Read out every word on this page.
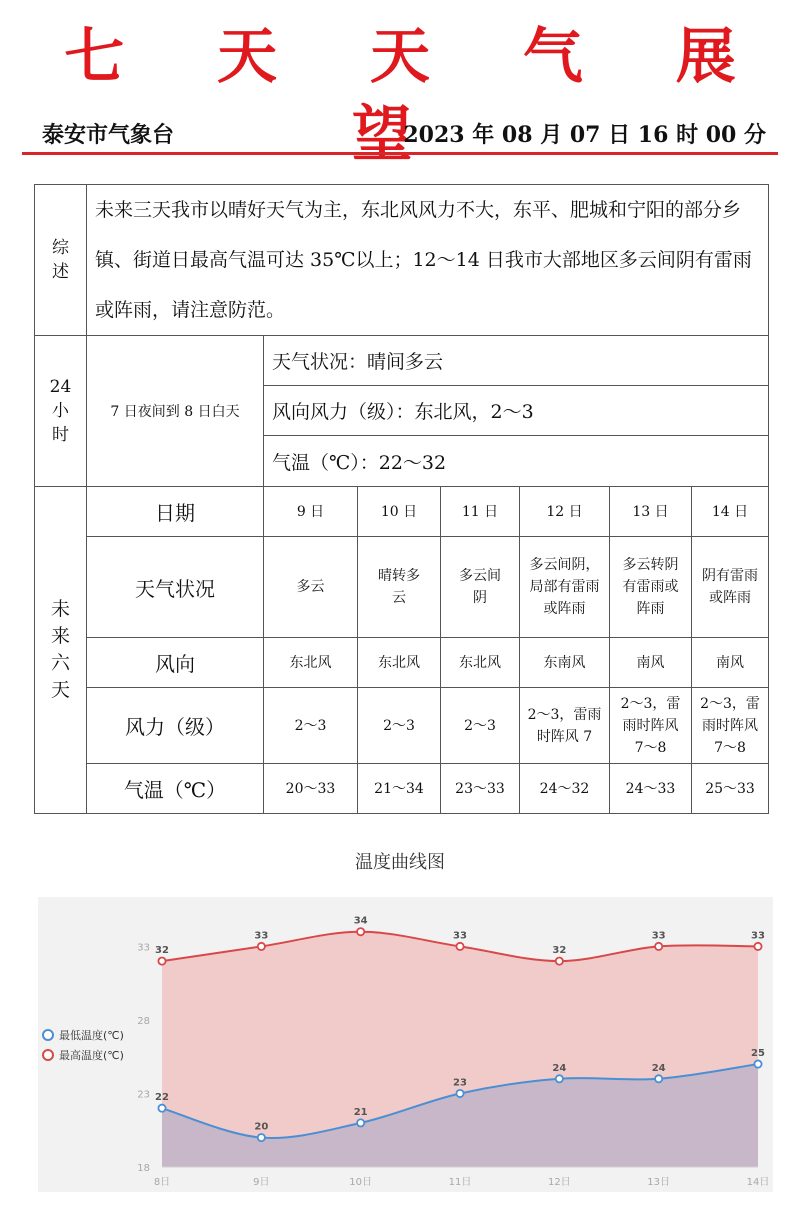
七 天 天 气 展 望
泰安市气象台	2023 年 08 月 07 日 16 时 00 分
综述	未来三天我市以晴好天气为主，东北风风力不大，东平、肥城和宁阳的部分乡镇、街道日最高气温可达 35℃以上；12～14 日我市大部地区多云间阴有雷雨或阵雨，请注意防范。						

24小时	7 日夜间到 8 日白天	天气状况：晴间多云					
		风向风力（级）：东北风，2～3					
		气温（℃）：22～32					

未来六天	日期	9 日	10 日	11 日	12 日	13 日	14 日
	天气状况	多云	晴转多云	多云间阴	多云间阴，局部有雷雨或阵雨	多云转阴有雷雨或阵雨	阴有雷雨或阵雨
	风向	东北风	东北风	东北风	东南风	南风	南风
	风力（级）	2～3	2～3	2～3	2～3，雷雨时阵风 7	2～3，雷雨时阵风 7～8	2～3，雷雨时阵风 7～8
	气温（℃）	20～33	21～34	23～33	24～32	24～33	25～33
温度曲线图
18
23
28
33
8日	9日	10日	11日	12日	13日	14日
32
33
34
33
32
33	33
22
20
21
23
24	24
25
最低温度(℃)
最高温度(℃)
